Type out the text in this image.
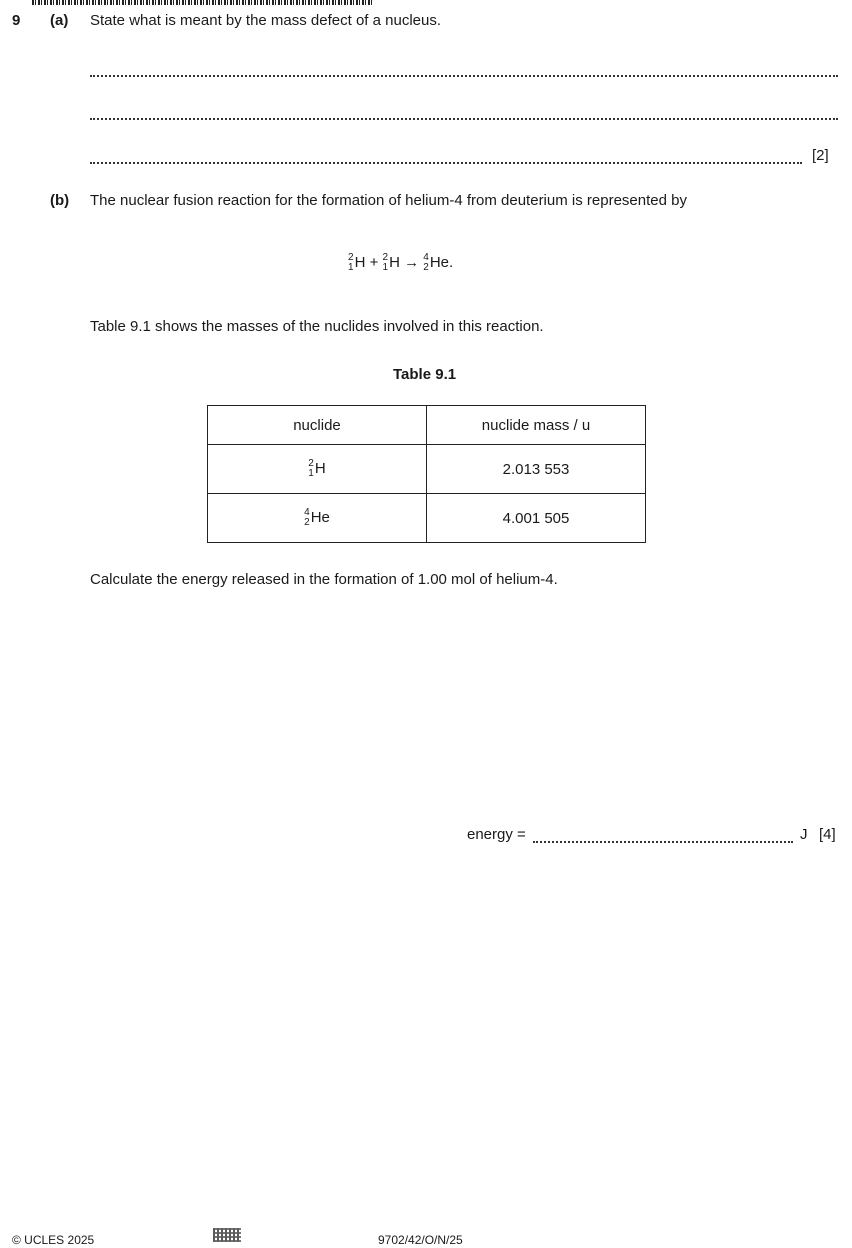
9 (a) State what is meant by the mass defect of a nucleus.
[2]
(b) The nuclear fusion reaction for the formation of helium-4 from deuterium is represented by
2
1 H + 2
1 H → 4
2 He.
Table 9.1 shows the masses of the nuclides involved in this reaction.
Table 9.1
nuclide	nuclide mass / u

2
1 H	2.013 553

4
2 He	4.001 505
Calculate the energy released in the formation of 1.00 mol of helium-4.
energy =	J [4]
© UCLES 2025	9702/42/O/N/25
